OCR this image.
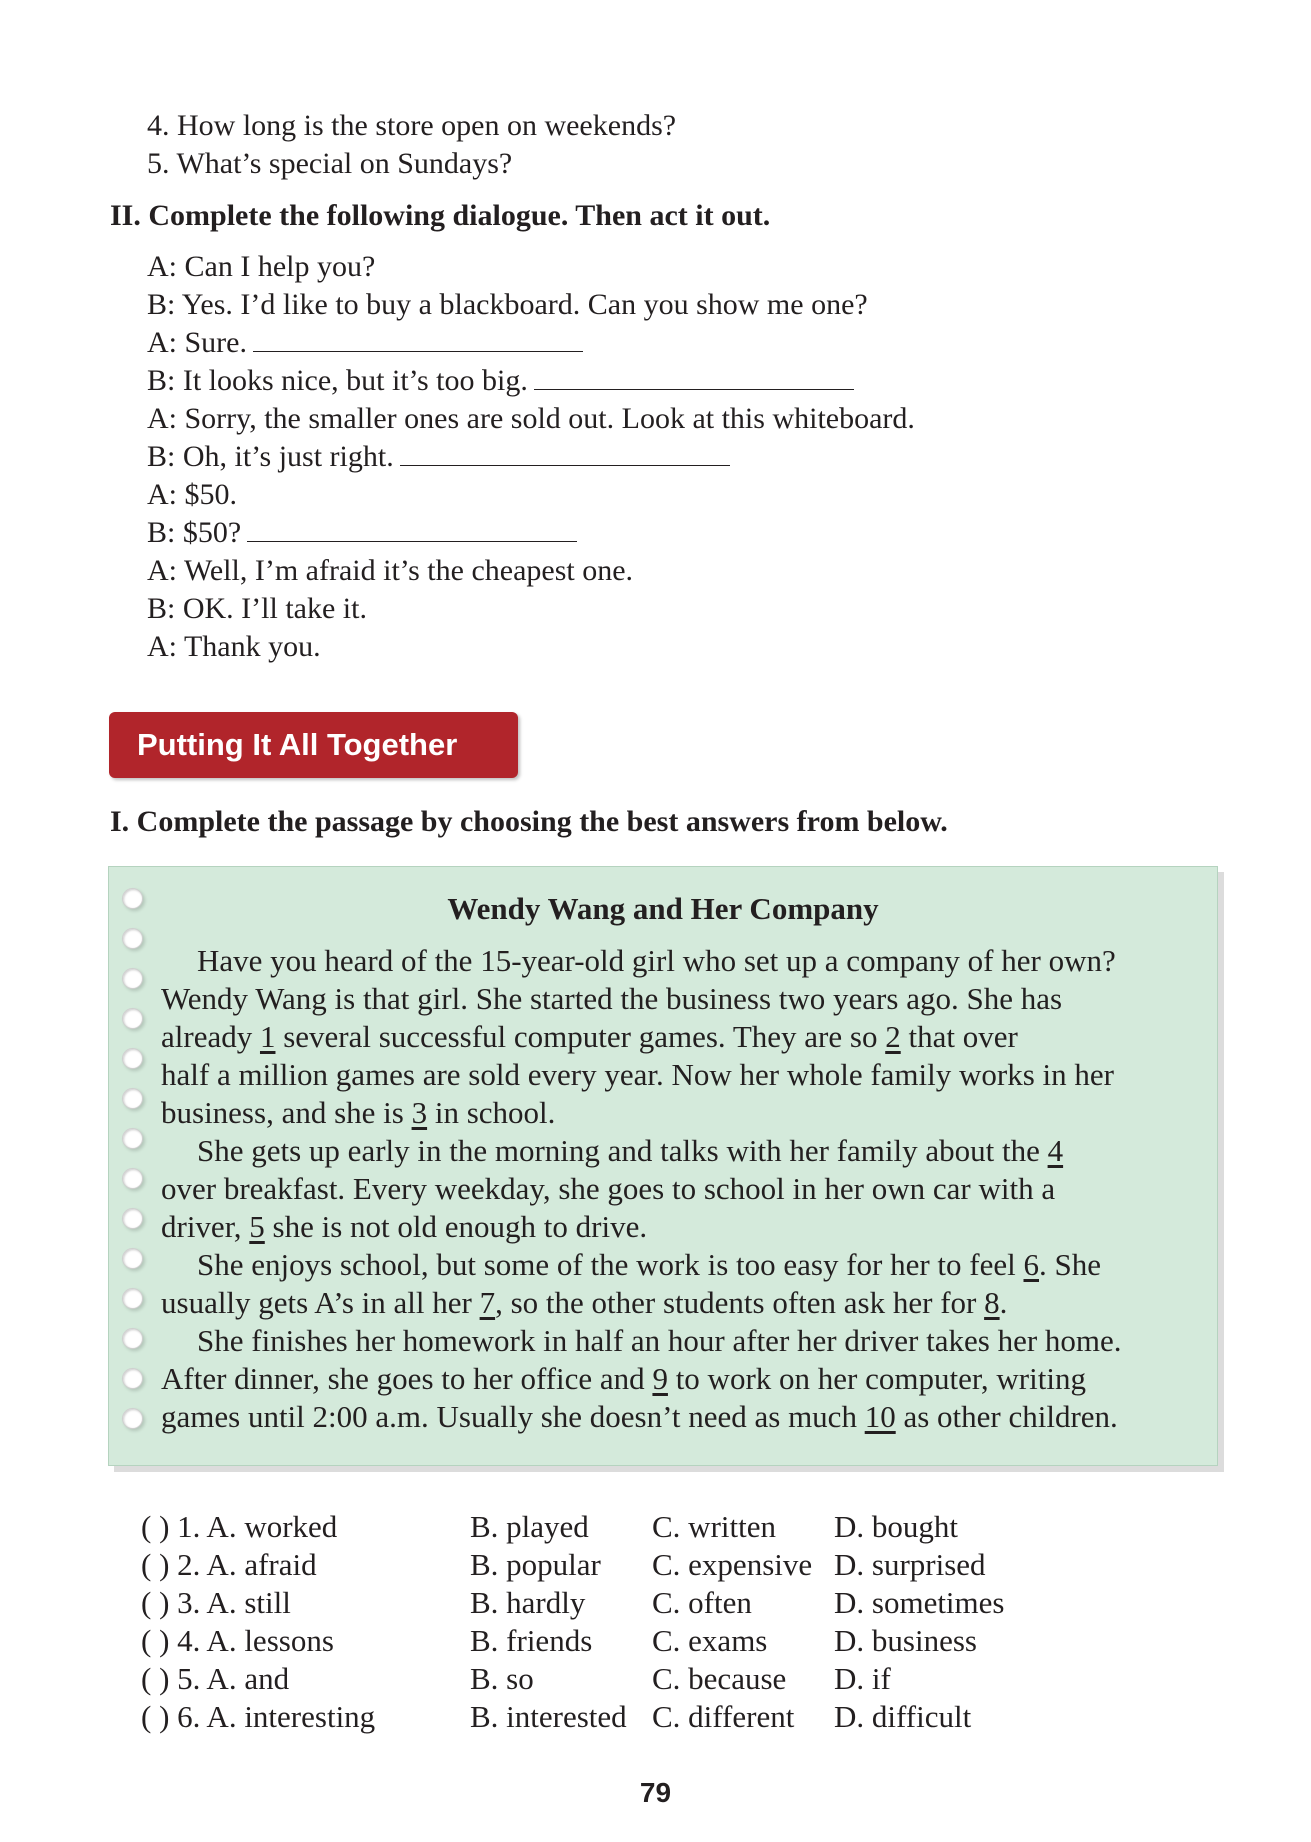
4. How long is the store open on weekends?
5. What’s special on Sundays?
II. Complete the following dialogue. Then act it out.
A: Can I help you?
B: Yes. I’d like to buy a blackboard. Can you show me one?
A: Sure.
B: It looks nice, but it’s too big.
A: Sorry, the smaller ones are sold out. Look at this whiteboard.
B: Oh, it’s just right.
A: $50.
B: $50?
A: Well, I’m afraid it’s the cheapest one.
B: OK. I’ll take it.
A: Thank you.
Putting It All Together
I. Complete the passage by choosing the best answers from below.
Wendy Wang and Her Company
Have you heard of the 15-year-old girl who set up a company of her own?
Wendy Wang is that girl. She started the business two years ago. She has
already 1 several successful computer games. They are so 2 that over
half a million games are sold every year. Now her whole family works in her
business, and she is 3 in school.
She gets up early in the morning and talks with her family about the 4
over breakfast. Every weekday, she goes to school in her own car with a
driver, 5 she is not old enough to drive.
She enjoys school, but some of the work is too easy for her to feel 6. She
usually gets A’s in all her 7, so the other students often ask her for 8.
She finishes her homework in half an hour after her driver takes her home.
After dinner, she goes to her office and 9 to work on her computer, writing
games until 2:00 a.m. Usually she doesn’t need as much 10 as other children.
( ) 1. A. worked	B. played C. written D. bought
( ) 2. A. afraid	B. popular C. expensive D. surprised
( ) 3. A. still	B. hardly C. often	D. sometimes
( ) 4. A. lessons	B. friends C. exams D. business
( ) 5. A. and	B. so	C. because D. if
( ) 6. A. interesting	B. interested C. different D. difficult
79
